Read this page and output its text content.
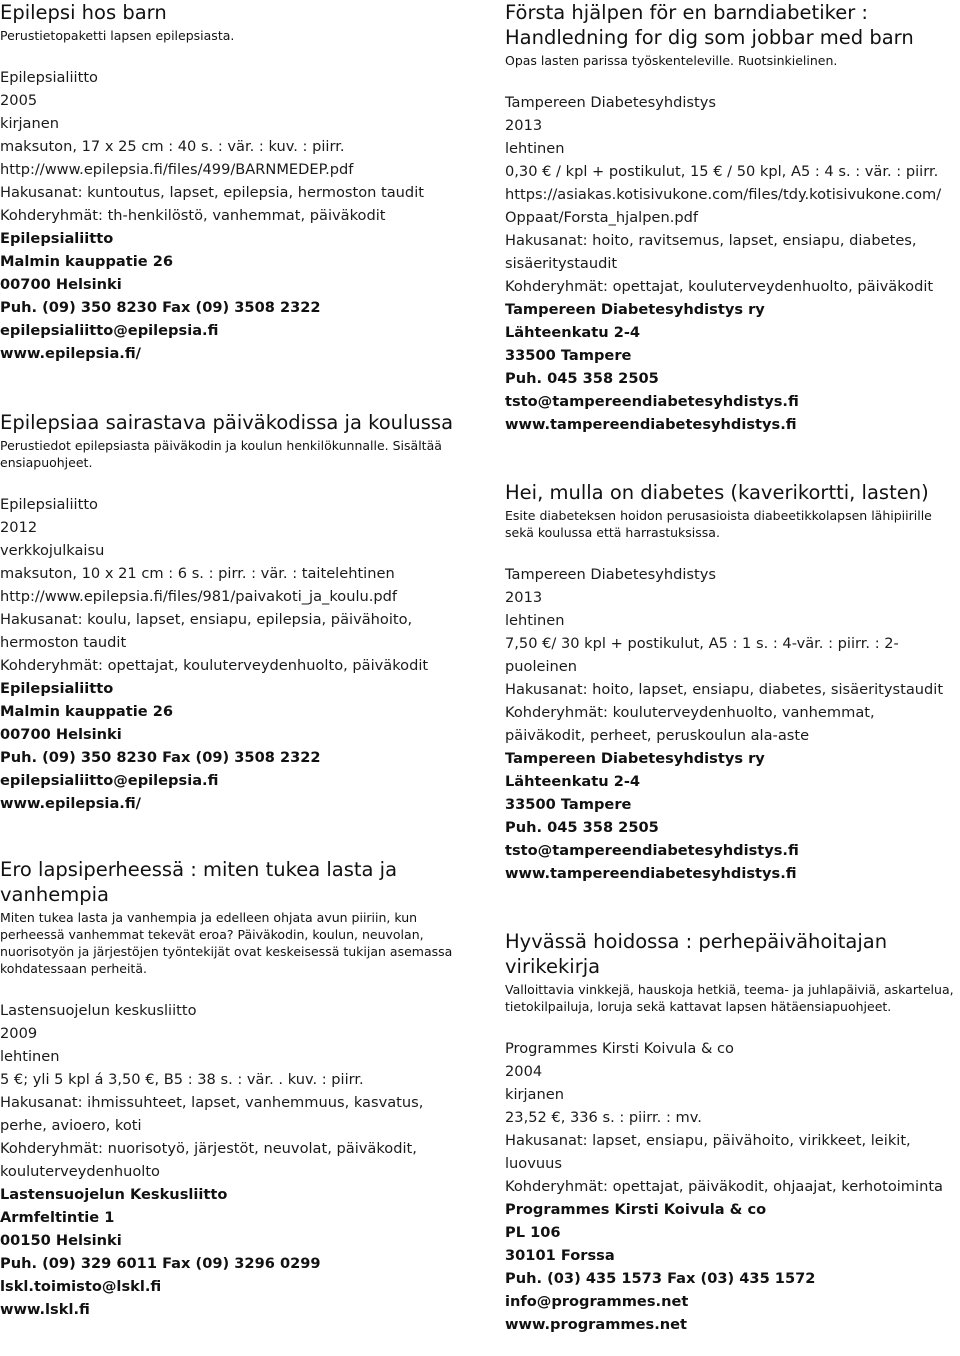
Epilepsi hos barn

Perustietopaketti lapsen epilepsiasta.

Epilepsialiitto
2005
kirjanen
maksuton, 17 x 25 cm : 40 s. : vär. : kuv. : piirr.
http://www.epilepsia.fi/files/499/BARNMEDEP.pdf
Hakusanat: kuntoutus, lapset, epilepsia, hermoston taudit
Kohderyhmät: th-henkilöstö, vanhemmat, päiväkodit
Epilepsialiitto
Malmin kauppatie 26
00700 Helsinki
Puh. (09) 350 8230 Fax (09) 3508 2322
epilepsialiitto@epilepsia.fi
www.epilepsia.fi/
Epilepsiaa sairastava päiväkodissa ja koulussa

Perustiedot epilepsiasta päiväkodin ja koulun henkilökunnalle. Sisältää ensiapuohjeet.

Epilepsialiitto
2012
verkkojulkaisu
maksuton, 10 x 21 cm : 6 s. : pirr. : vär. : taitelehtinen
http://www.epilepsia.fi/files/981/paivakoti_ja_koulu.pdf
Hakusanat: koulu, lapset, ensiapu, epilepsia, päivähoito,
hermoston taudit
Kohderyhmät: opettajat, kouluterveydenhuolto, päiväkodit
Epilepsialiitto
Malmin kauppatie 26
00700 Helsinki
Puh. (09) 350 8230 Fax (09) 3508 2322
epilepsialiitto@epilepsia.fi
www.epilepsia.fi/
Ero lapsiperheessä : miten tukea lasta ja vanhempia

Miten tukea lasta ja vanhempia ja edelleen ohjata avun piiriin, kun perheessä vanhemmat tekevät eroa? Päiväkodin, koulun, neuvolan, nuorisotyön ja järjestöjen työntekijät ovat keskeisessä tukijan asemassa kohdatessaan perheitä.

Lastensuojelun keskusliitto
2009
lehtinen
5 €; yli 5 kpl á 3,50 €, B5 : 38 s. : vär. . kuv. : piirr.
Hakusanat: ihmissuhteet, lapset, vanhemmuus, kasvatus,
perhe, avioero, koti
Kohderyhmät: nuorisotyö, järjestöt, neuvolat, päiväkodit,
kouluterveydenhuolto
Lastensuojelun Keskusliitto
Armfeltintie 1
00150 Helsinki
Puh. (09) 329 6011 Fax (09) 3296 0299
lskl.toimisto@lskl.fi
www.lskl.fi
Första hjälpen för en barndiabetiker : Handledning for dig som jobbar med barn

Opas lasten parissa työskenteleville. Ruotsinkielinen.

Tampereen Diabetesyhdistys
2013
lehtinen
0,30 € / kpl + postikulut, 15 € / 50 kpl, A5 : 4 s. : vär. : piirr.
https://asiakas.kotisivukone.com/files/tdy.kotisivukone.com/
Oppaat/Forsta_hjalpen.pdf
Hakusanat: hoito, ravitsemus, lapset, ensiapu, diabetes,
sisäeritystaudit
Kohderyhmät: opettajat, kouluterveydenhuolto, päiväkodit
Tampereen Diabetesyhdistys ry
Lähteenkatu 2-4
33500 Tampere
Puh. 045 358 2505
tsto@tampereendiabetesyhdistys.fi
www.tampereendiabetesyhdistys.fi
Hei, mulla on diabetes (kaverikortti, lasten)

Esite diabeteksen hoidon perusasioista diabeetikkolapsen lähipiirille sekä koulussa että harrastuksissa.

Tampereen Diabetesyhdistys
2013
lehtinen
7,50 €/ 30 kpl + postikulut, A5 : 1 s. : 4-vär. : piirr. : 2-
puoleinen
Hakusanat: hoito, lapset, ensiapu, diabetes, sisäeritystaudit
Kohderyhmät: kouluterveydenhuolto, vanhemmat,
päiväkodit, perheet, peruskoulun ala-aste
Tampereen Diabetesyhdistys ry
Lähteenkatu 2-4
33500 Tampere
Puh. 045 358 2505
tsto@tampereendiabetesyhdistys.fi
www.tampereendiabetesyhdistys.fi
Hyvässä hoidossa : perhepäivähoitajan virikekirja

Valloittavia vinkkejä, hauskoja hetkiä, teema- ja juhlapäiviä, askartelua, tietokilpailuja, loruja sekä kattavat lapsen hätäensiapuohjeet.

Programmes Kirsti Koivula & co
2004
kirjanen
23,52 €, 336 s. : piirr. : mv.
Hakusanat: lapset, ensiapu, päivähoito, virikkeet, leikit,
luovuus
Kohderyhmät: opettajat, päiväkodit, ohjaajat, kerhotoiminta
Programmes Kirsti Koivula & co
PL 106
30101 Forssa
Puh. (03) 435 1573 Fax (03) 435 1572
info@programmes.net
www.programmes.net
